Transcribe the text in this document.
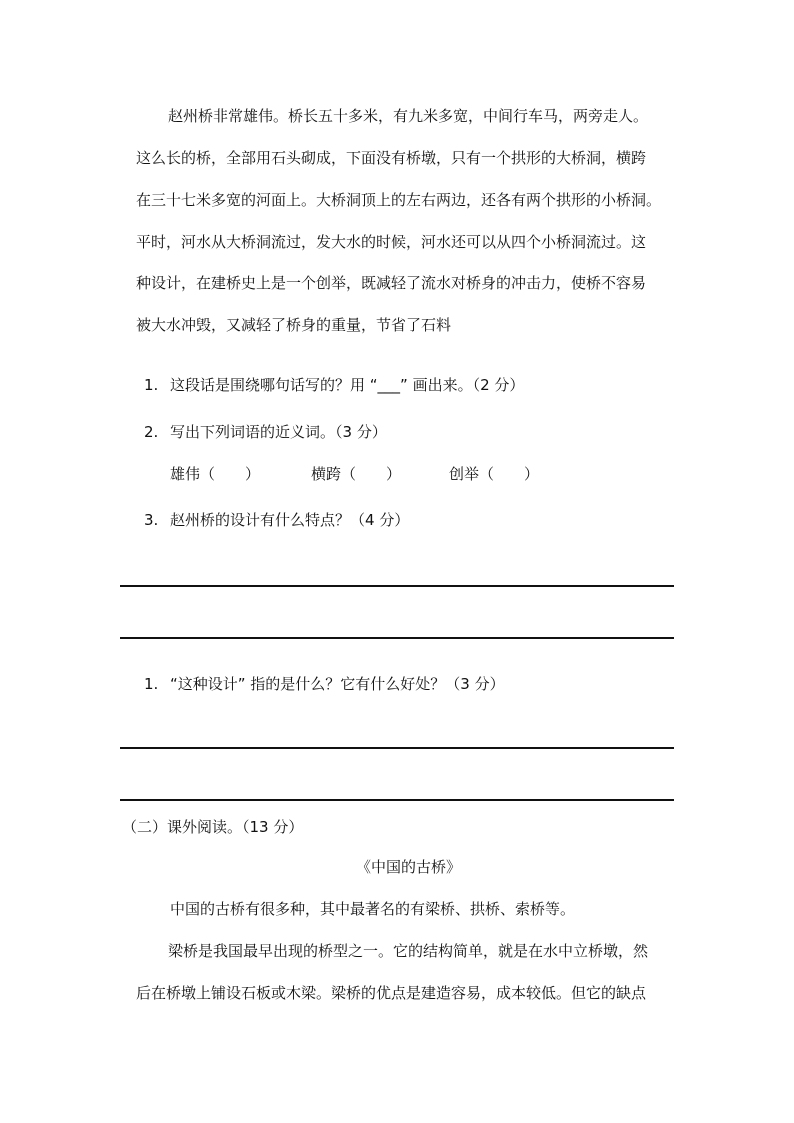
赵州桥非常雄伟。桥长五十多米，有九米多宽，中间行车马，两旁走人。
这么长的桥，全部用石头砌成，下面没有桥墩，只有一个拱形的大桥洞，横跨
在三十七米多宽的河面上。大桥洞顶上的左右两边，还各有两个拱形的小桥洞。
平时，河水从大桥洞流过，发大水的时候，河水还可以从四个小桥洞流过。这
种设计，在建桥史上是一个创举，既减轻了流水对桥身的冲击力，使桥不容易
被大水冲毁，又减轻了桥身的重量，节省了石料
1. 这段话是围绕哪句话写的？用 “___” 画出来。（2 分）
2. 写出下列词语的近义词。（3 分）
雄伟（　　）	横跨（　　）	创举（　　）
3. 赵州桥的设计有什么特点？（4 分）
1. “这种设计” 指的是什么？它有什么好处？（3 分）
（二）课外阅读。（13 分）
《中国的古桥》
中国的古桥有很多种，其中最著名的有梁桥、拱桥、索桥等。
梁桥是我国最早出现的桥型之一。它的结构简单，就是在水中立桥墩，然
后在桥墩上铺设石板或木梁。梁桥的优点是建造容易，成本较低。但它的缺点
